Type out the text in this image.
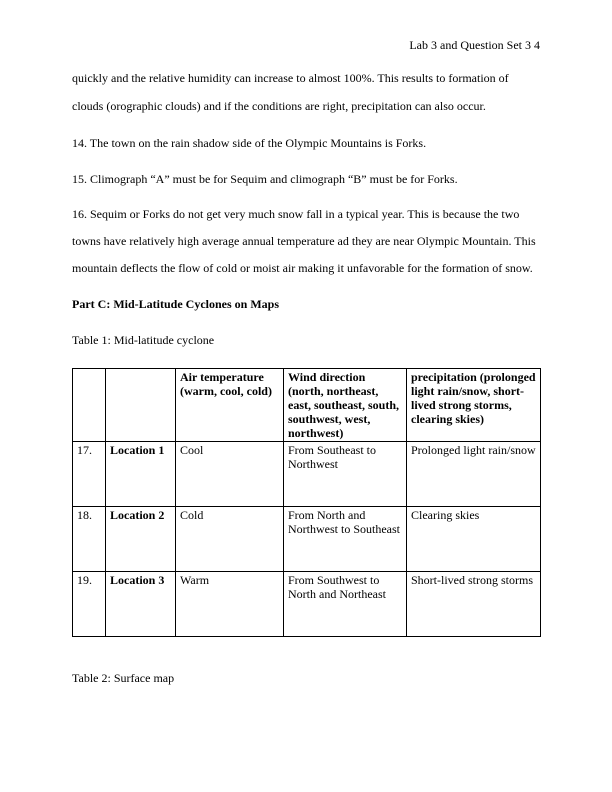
Lab 3 and Question Set 3 4
quickly and the relative humidity can increase to almost 100%. This results to formation of
clouds (orographic clouds) and if the conditions are right, precipitation can also occur.
14. The town on the rain shadow side of the Olympic Mountains is Forks.
15. Climograph “A” must be for Sequim and climograph “B” must be for Forks.
16. Sequim or Forks do not get very much snow fall in a typical year. This is because the two
towns have relatively high average annual temperature ad they are near Olympic Mountain. This
mountain deflects the flow of cold or moist air making it unfavorable for the formation of snow.
Part C: Mid-Latitude Cyclones on Maps
Table 1: Mid-latitude cyclone
		Air temperature (warm, cool, cold)	Wind direction (north, northeast, east, southeast, south, southwest, west, northwest)	precipitation (prolonged light rain/snow, short-lived strong storms, clearing skies)
17.	Location 1	Cool	From Southeast to Northwest	Prolonged light rain/snow
18.	Location 2	Cold	From North and Northwest to Southeast	Clearing skies
19.	Location 3	Warm	From Southwest to North and Northeast	Short-lived strong storms
Table 2: Surface map
